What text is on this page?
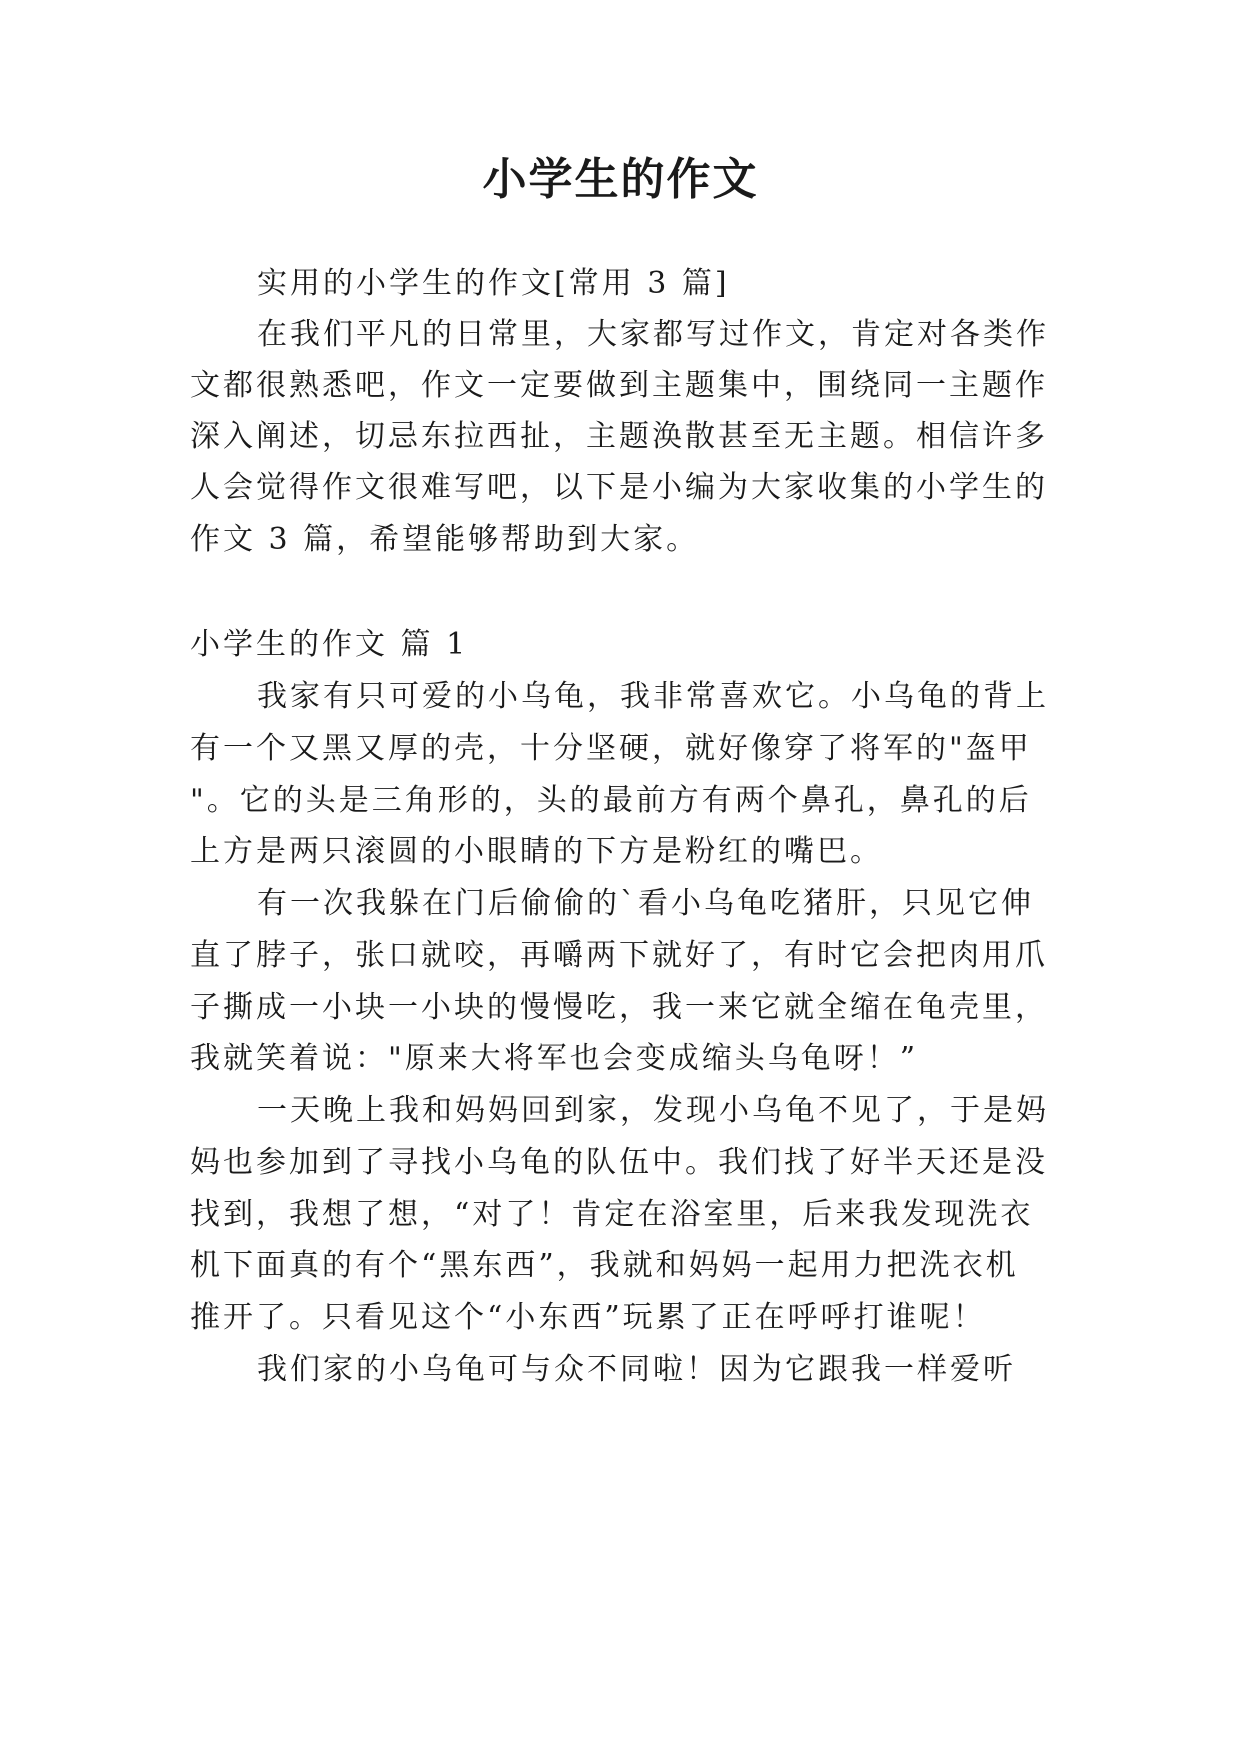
小学生的作文
实用的小学生的作文[常用 3 篇]
在我们平凡的日常里，大家都写过作文，肯定对各类作
文都很熟悉吧，作文一定要做到主题集中，围绕同一主题作
深入阐述，切忌东拉西扯，主题涣散甚至无主题。相信许多
人会觉得作文很难写吧，以下是小编为大家收集的小学生的
作文 3 篇，希望能够帮助到大家。
小学生的作文 篇 1
我家有只可爱的小乌龟，我非常喜欢它。小乌龟的背上
有一个又黑又厚的壳，十分坚硬，就好像穿了将军的"盔甲
"。它的头是三角形的，头的最前方有两个鼻孔，鼻孔的后
上方是两只滚圆的小眼睛的下方是粉红的嘴巴。
有一次我躲在门后偷偷的`看小乌龟吃猪肝，只见它伸
直了脖子，张口就咬，再嚼两下就好了，有时它会把肉用爪
子撕成一小块一小块的慢慢吃，我一来它就全缩在龟壳里，
我就笑着说："原来大将军也会变成缩头乌龟呀！”
一天晚上我和妈妈回到家，发现小乌龟不见了，于是妈
妈也参加到了寻找小乌龟的队伍中。我们找了好半天还是没
找到，我想了想，“对了！肯定在浴室里，后来我发现洗衣
机下面真的有个“黑东西”，我就和妈妈一起用力把洗衣机
推开了。只看见这个“小东西”玩累了正在呼呼打谁呢！
我们家的小乌龟可与众不同啦！因为它跟我一样爱听
